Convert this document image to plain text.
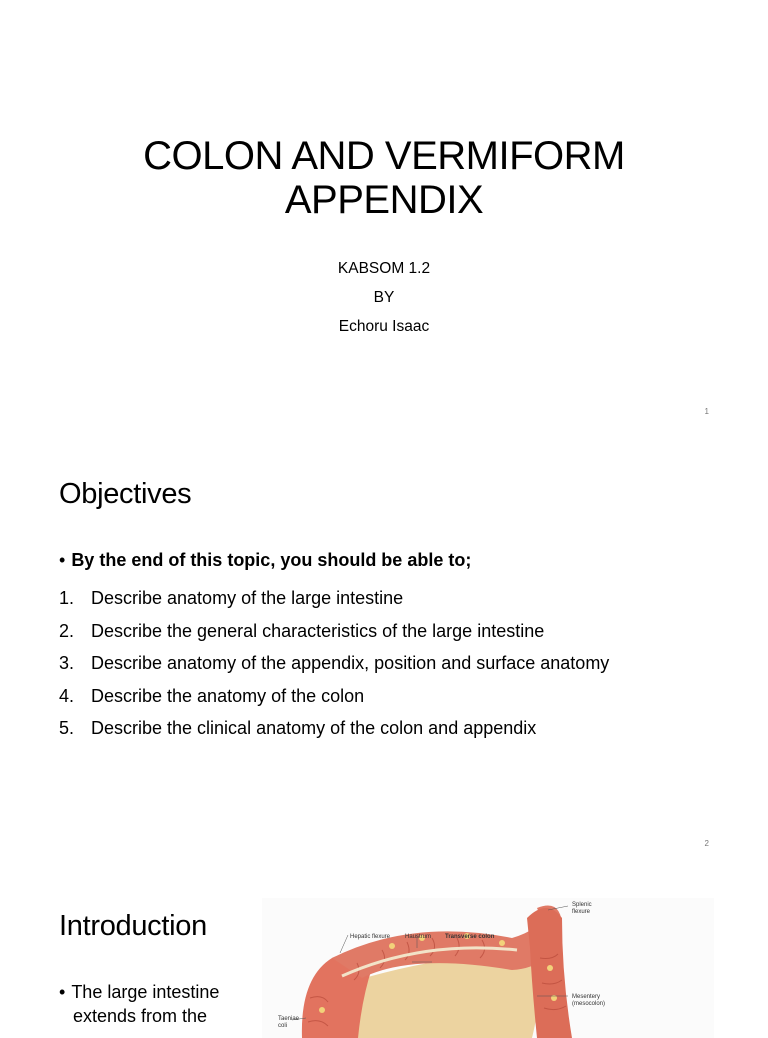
COLON AND VERMIFORM
APPENDIX
KABSOM 1.2
BY
Echoru Isaac
1
Objectives
• By the end of this topic, you should be able to;
1. Describe anatomy of the large intestine
2. Describe the general characteristics of the large intestine
3. Describe anatomy of the appendix, position and surface anatomy
4. Describe the anatomy of the colon
5. Describe the clinical anatomy of the colon and appendix
2
Introduction
• The large intestine
extends from the
Hepatic flexure Haustrum Transverse colon
Splenic
flexure
Mesentery
(mesocolon)
Taeniae
coli
